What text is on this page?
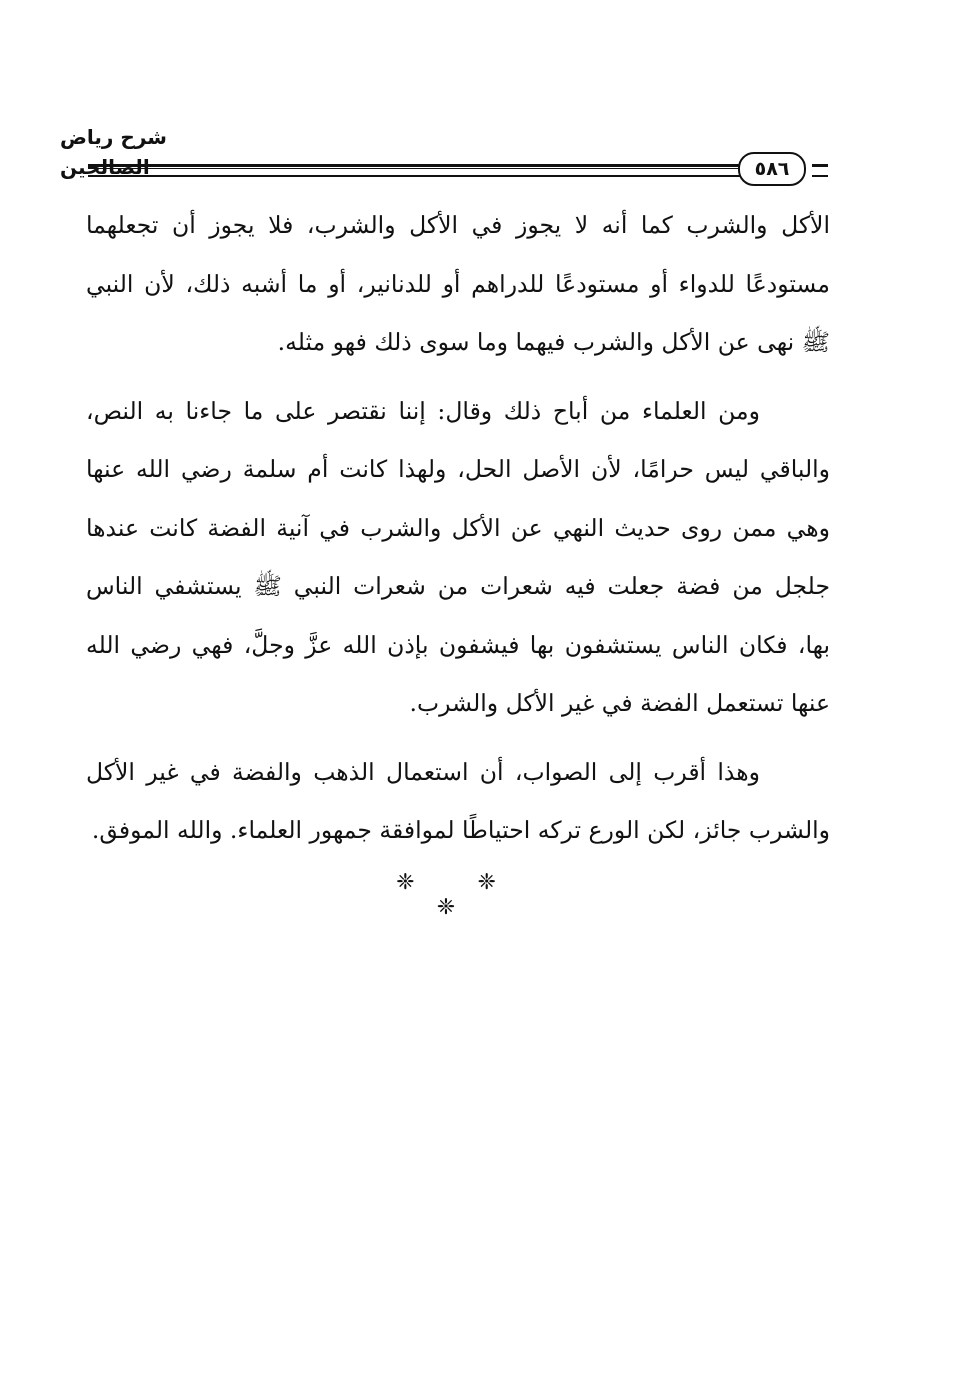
شرح رياض الصالحين	٥٨٦
الأكل والشرب كما أنه لا يجوز في الأكل والشرب، فلا يجوز أن تجعلهما
مستودعًا للدواء أو مستودعًا للدراهم أو للدنانير، أو ما أشبه ذلك، لأن النبي
ﷺ نهى عن الأكل والشرب فيهما وما سوى ذلك فهو مثله.
ومن العلماء من أباح ذلك وقال: إننا نقتصر على ما جاءنا به النص،
والباقي ليس حرامًا، لأن الأصل الحل، ولهذا كانت أم سلمة رضي الله عنها
وهي ممن روى حديث النهي عن الأكل والشرب في آنية الفضة كانت عندها
جلجل من فضة جعلت فيه شعرات من شعرات النبي ﷺ يستشفي الناس
بها، فكان الناس يستشفون بها فيشفون بإذن الله عزَّ وجلَّ، فهي رضي الله
عنها تستعمل الفضة في غير الأكل والشرب.
وهذا أقرب إلى الصواب، أن استعمال الذهب والفضة في غير الأكل
والشرب جائز، لكن الورع تركه احتياطًا لموافقة جمهور العلماء. والله الموفق.
❈ ❈ ❈
